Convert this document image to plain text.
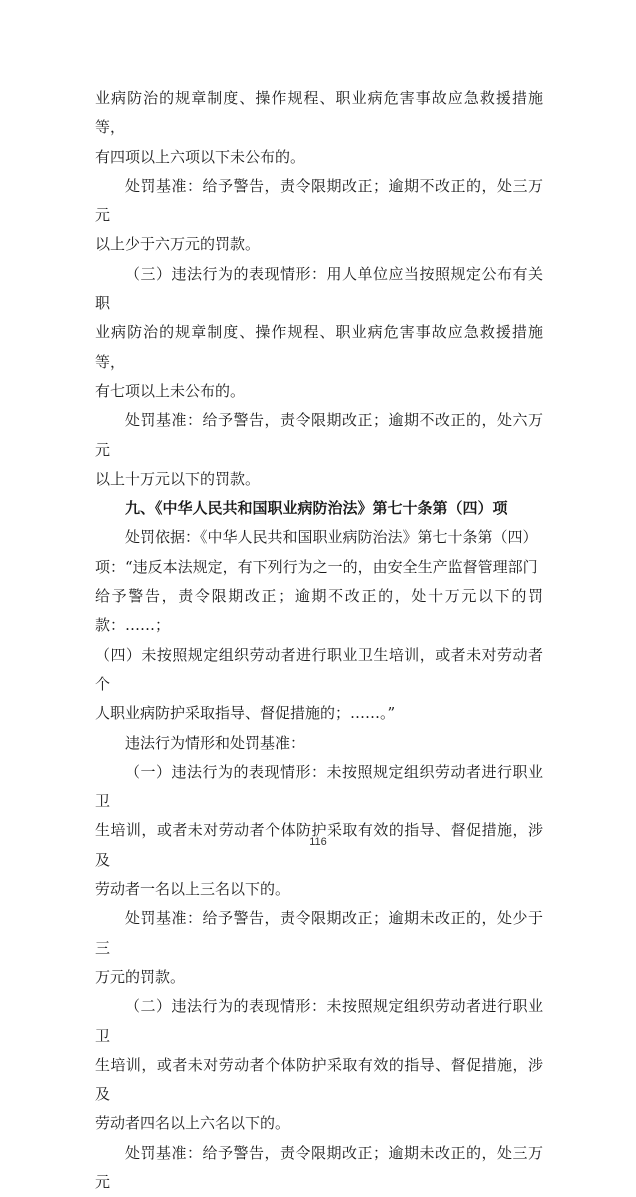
业病防治的规章制度、操作规程、职业病危害事故应急救援措施等，

有四项以上六项以下未公布的。

处罚基准：给予警告，责令限期改正；逾期不改正的，处三万元

以上少于六万元的罚款。

（三）违法行为的表现情形：用人单位应当按照规定公布有关职

业病防治的规章制度、操作规程、职业病危害事故应急救援措施等，

有七项以上未公布的。

处罚基准：给予警告，责令限期改正；逾期不改正的，处六万元

以上十万元以下的罚款。

九、《中华人民共和国职业病防治法》第七十条第（四）项

处罚依据：《中华人民共和国职业病防治法》第七十条第（四）

项：“违反本法规定，有下列行为之一的，由安全生产监督管理部门

给予警告，责令限期改正；逾期不改正的，处十万元以下的罚款：……；

（四）未按照规定组织劳动者进行职业卫生培训，或者未对劳动者个

人职业病防护采取指导、督促措施的；……。”

违法行为情形和处罚基准：

（一）违法行为的表现情形：未按照规定组织劳动者进行职业卫

生培训，或者未对劳动者个体防护采取有效的指导、督促措施，涉及

劳动者一名以上三名以下的。

处罚基准：给予警告，责令限期改正；逾期未改正的，处少于三

万元的罚款。

（二）违法行为的表现情形：未按照规定组织劳动者进行职业卫

生培训，或者未对劳动者个体防护采取有效的指导、督促措施，涉及

劳动者四名以上六名以下的。

处罚基准：给予警告，责令限期改正；逾期未改正的，处三万元

116
